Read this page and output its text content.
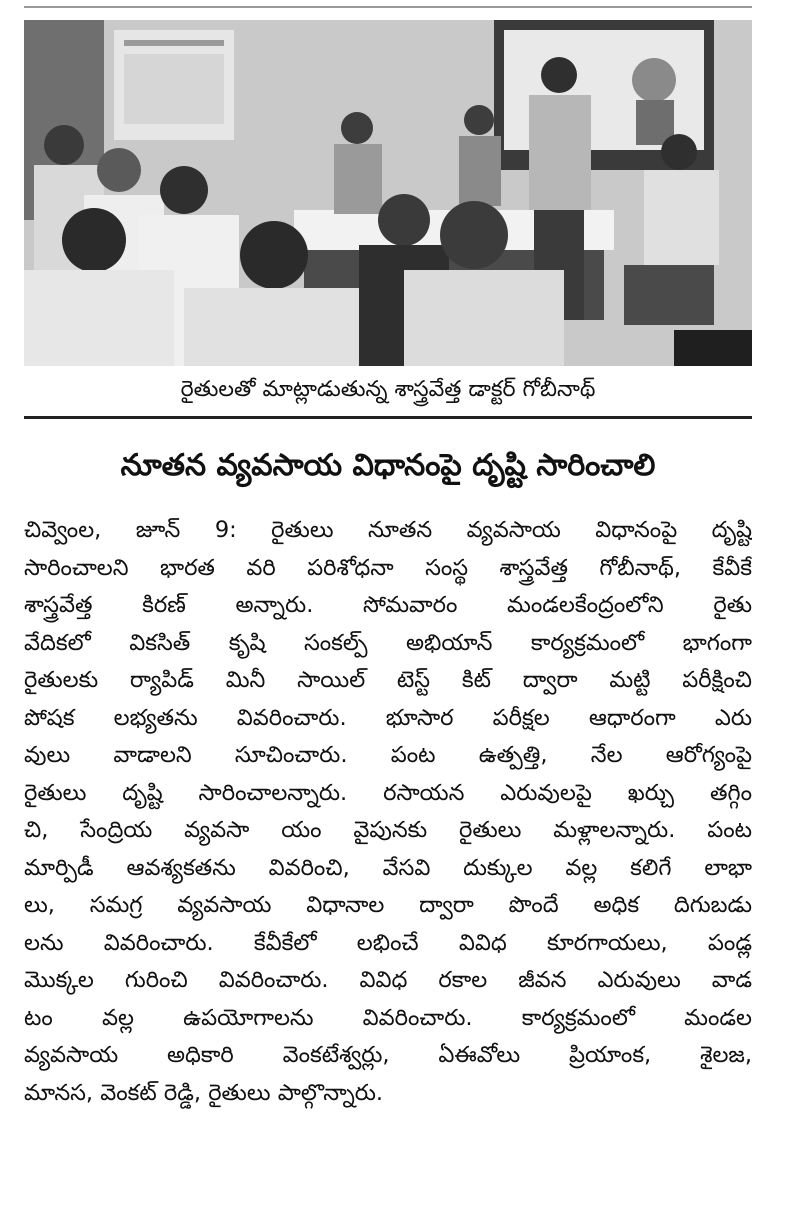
రైతులతో మాట్లాడుతున్న శాస్త్రవేత్త డాక్టర్ గోబీనాథ్
నూతన వ్యవసాయ విధానంపై దృష్టి సారించాలి
చివ్వెంల, జూన్ 9: రైతులు నూతన వ్యవసాయ విధానంపై దృష్టి
సారించాలని భారత వరి పరిశోధనా సంస్థ శాస్త్రవేత్త గోబీనాథ్, కేవీకే
శాస్త్రవేత్త కిరణ్ అన్నారు. సోమవారం మండలకేంద్రంలోని రైతు
వేదికలో వికసిత్ కృషి సంకల్ప్ అభియాన్ కార్యక్రమంలో భాగంగా
రైతులకు ర్యాపిడ్ మినీ సాయిల్ టెస్ట్ కిట్ ద్వారా మట్టి పరీక్షించి
పోషక లభ్యతను వివరించారు. భూసార పరీక్షల ఆధారంగా ఎరు
వులు వాడాలని సూచించారు. పంట ఉత్పత్తి, నేల ఆరోగ్యంపై
రైతులు దృష్టి సారించాలన్నారు. రసాయన ఎరువులపై ఖర్చు తగ్గిం
చి, సేంద్రియ వ్యవసా యం వైపునకు రైతులు మళ్లాలన్నారు. పంట
మార్పిడీ ఆవశ్యకతను వివరించి, వేసవి దుక్కుల వల్ల కలిగే లాభా
లు, సమగ్ర వ్యవసాయ విధానాల ద్వారా పొందే అధిక దిగుబడు
లను వివరించారు. కేవీకేలో లభించే వివిధ కూరగాయలు, పండ్ల
మొక్కల గురించి వివరించారు. వివిధ రకాల జీవన ఎరువులు వాడ
టం వల్ల ఉపయోగాలను వివరించారు. కార్యక్రమంలో మండల
వ్యవసాయ అధికారి వెంకటేశ్వర్లు, ఏఈవోలు ప్రియాంక, శైలజ,
మానస, వెంకట్ రెడ్డి, రైతులు పాల్గొన్నారు.
